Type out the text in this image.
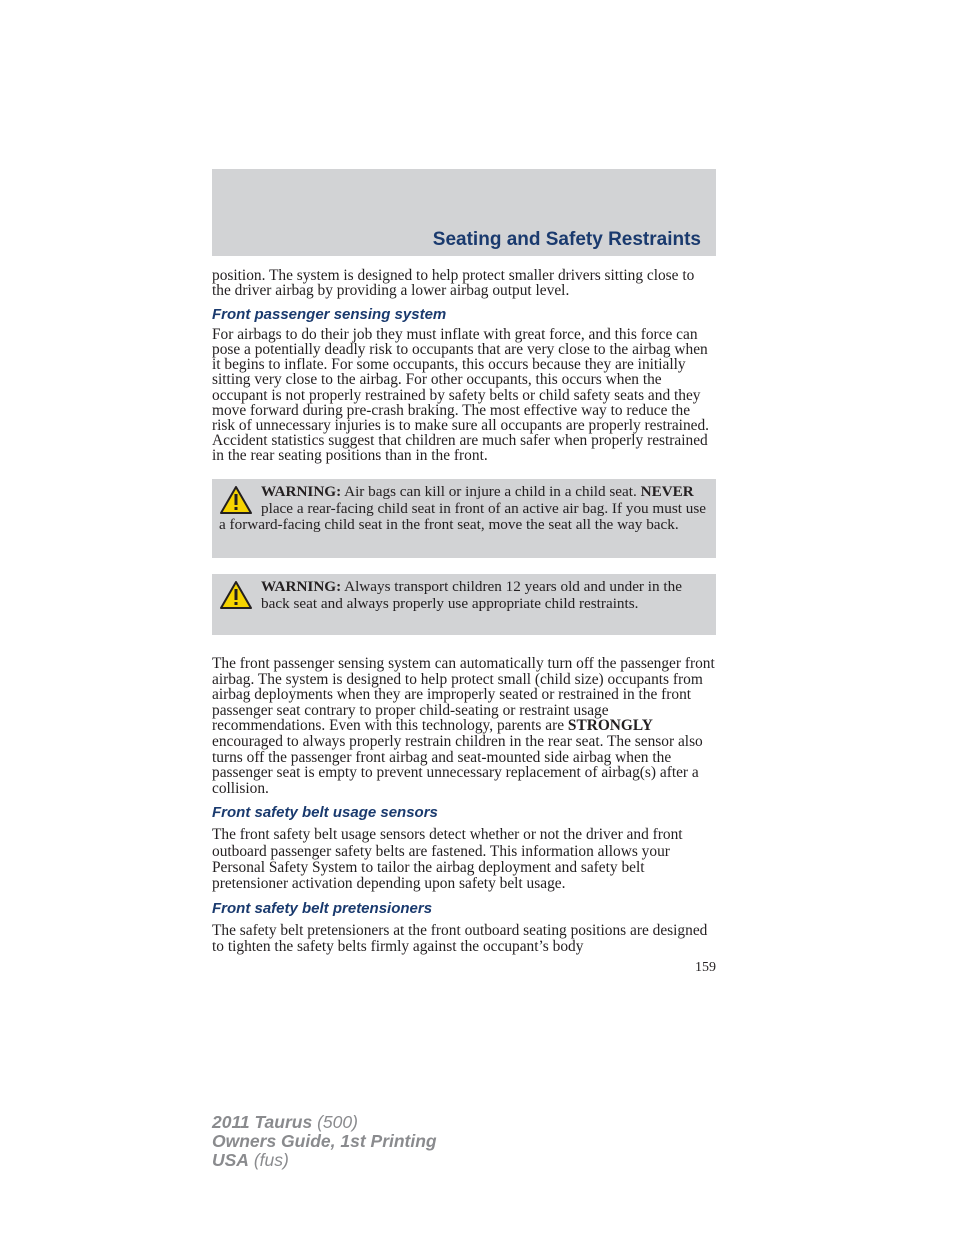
Seating and Safety Restraints

position. The system is designed to help protect smaller drivers sitting close to the driver airbag by providing a lower airbag output level.

Front passenger sensing system

For airbags to do their job they must inflate with great force, and this force can pose a potentially deadly risk to occupants that are very close to the airbag when it begins to inflate. For some occupants, this occurs because they are initially sitting very close to the airbag. For other occupants, this occurs when the occupant is not properly restrained by safety belts or child safety seats and they move forward during pre-crash braking. The most effective way to reduce the risk of unnecessary injuries is to make sure all occupants are properly restrained. Accident statistics suggest that children are much safer when properly restrained in the rear seating positions than in the front.

WARNING: Air bags can kill or injure a child in a child seat. NEVER place a rear-facing child seat in front of an active air bag. If you must use a forward-facing child seat in the front seat, move the seat all the way back.
WARNING: Always transport children 12 years old and under in the back seat and always properly use appropriate child restraints.

The front passenger sensing system can automatically turn off the passenger front airbag. The system is designed to help protect small (child size) occupants from airbag deployments when they are improperly seated or restrained in the front passenger seat contrary to proper child-seating or restraint usage recommendations. Even with this technology, parents are STRONGLY encouraged to always properly restrain children in the rear seat. The sensor also turns off the passenger front airbag and seat-mounted side airbag when the passenger seat is empty to prevent unnecessary replacement of airbag(s) after a collision.

Front safety belt usage sensors

The front safety belt usage sensors detect whether or not the driver and front outboard passenger safety belts are fastened. This information allows your Personal Safety System to tailor the airbag deployment and safety belt pretensioner activation depending upon safety belt usage.

Front safety belt pretensioners

The safety belt pretensioners at the front outboard seating positions are designed to tighten the safety belts firmly against the occupant’s body

159
2011 Taurus (500)
Owners Guide, 1st Printing
USA (fus)
